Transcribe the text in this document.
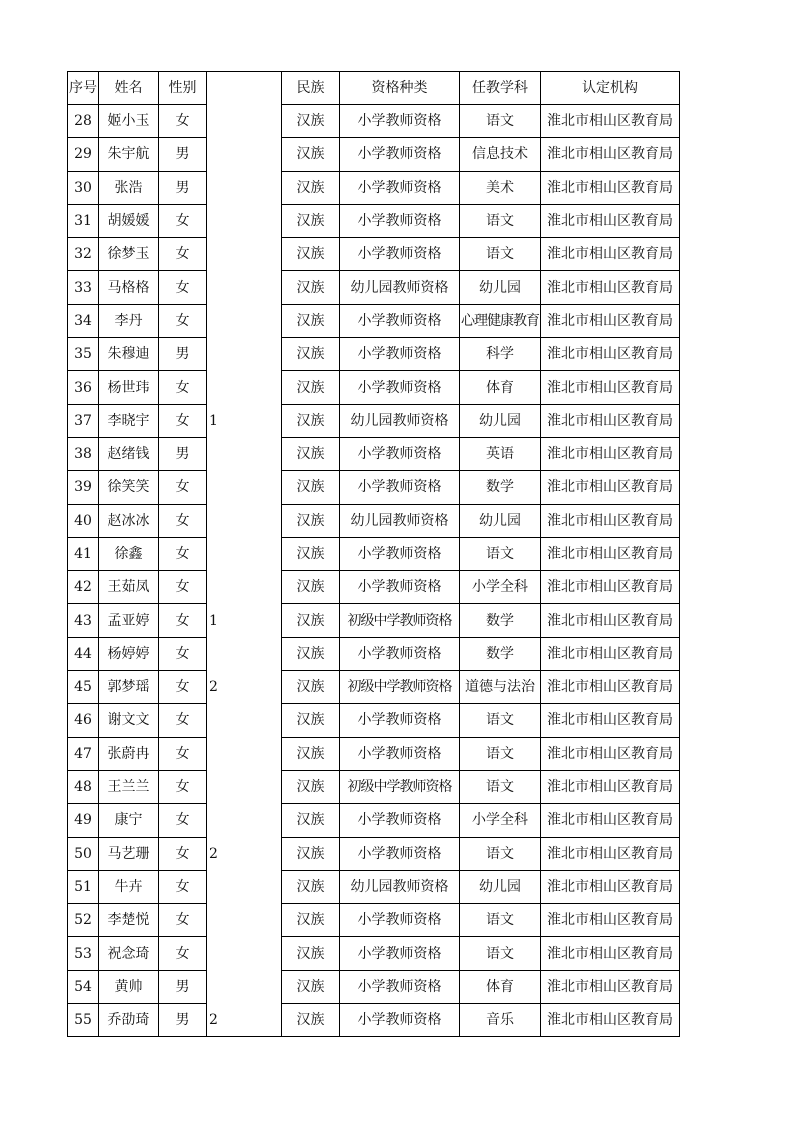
序号	姓名	性别			民族	资格种类	任教学科	认定机构
28	姬小玉	女			汉族	小学教师资格	语文	淮北市相山区教育局
29	朱宇航	男			汉族	小学教师资格	信息技术	淮北市相山区教育局
30	张浩	男			汉族	小学教师资格	美术	淮北市相山区教育局
31	胡媛媛	女			汉族	小学教师资格	语文	淮北市相山区教育局
32	徐梦玉	女			汉族	小学教师资格	语文	淮北市相山区教育局
33	马格格	女			汉族	幼儿园教师资格	幼儿园	淮北市相山区教育局
34	李丹	女			汉族	小学教师资格	心理健康教育	淮北市相山区教育局
35	朱穆迪	男			汉族	小学教师资格	科学	淮北市相山区教育局
36	杨世玮	女			汉族	小学教师资格	体育	淮北市相山区教育局
37	李晓宇	女	1		汉族	幼儿园教师资格	幼儿园	淮北市相山区教育局
38	赵绪钱	男			汉族	小学教师资格	英语	淮北市相山区教育局
39	徐笑笑	女			汉族	小学教师资格	数学	淮北市相山区教育局
40	赵冰冰	女			汉族	幼儿园教师资格	幼儿园	淮北市相山区教育局
41	徐鑫	女			汉族	小学教师资格	语文	淮北市相山区教育局
42	王茹凤	女			汉族	小学教师资格	小学全科	淮北市相山区教育局
43	孟亚婷	女	1		汉族	初级中学教师资格	数学	淮北市相山区教育局
44	杨婷婷	女			汉族	小学教师资格	数学	淮北市相山区教育局
45	郭梦瑶	女	2		汉族	初级中学教师资格	道德与法治	淮北市相山区教育局
46	谢文文	女			汉族	小学教师资格	语文	淮北市相山区教育局
47	张蔚冉	女			汉族	小学教师资格	语文	淮北市相山区教育局
48	王兰兰	女			汉族	初级中学教师资格	语文	淮北市相山区教育局
49	康宁	女			汉族	小学教师资格	小学全科	淮北市相山区教育局
50	马艺珊	女	2		汉族	小学教师资格	语文	淮北市相山区教育局
51	牛卉	女			汉族	幼儿园教师资格	幼儿园	淮北市相山区教育局
52	李楚悦	女			汉族	小学教师资格	语文	淮北市相山区教育局
53	祝念琦	女			汉族	小学教师资格	语文	淮北市相山区教育局
54	黄帅	男			汉族	小学教师资格	体育	淮北市相山区教育局
55	乔劭琦	男	2		汉族	小学教师资格	音乐	淮北市相山区教育局
